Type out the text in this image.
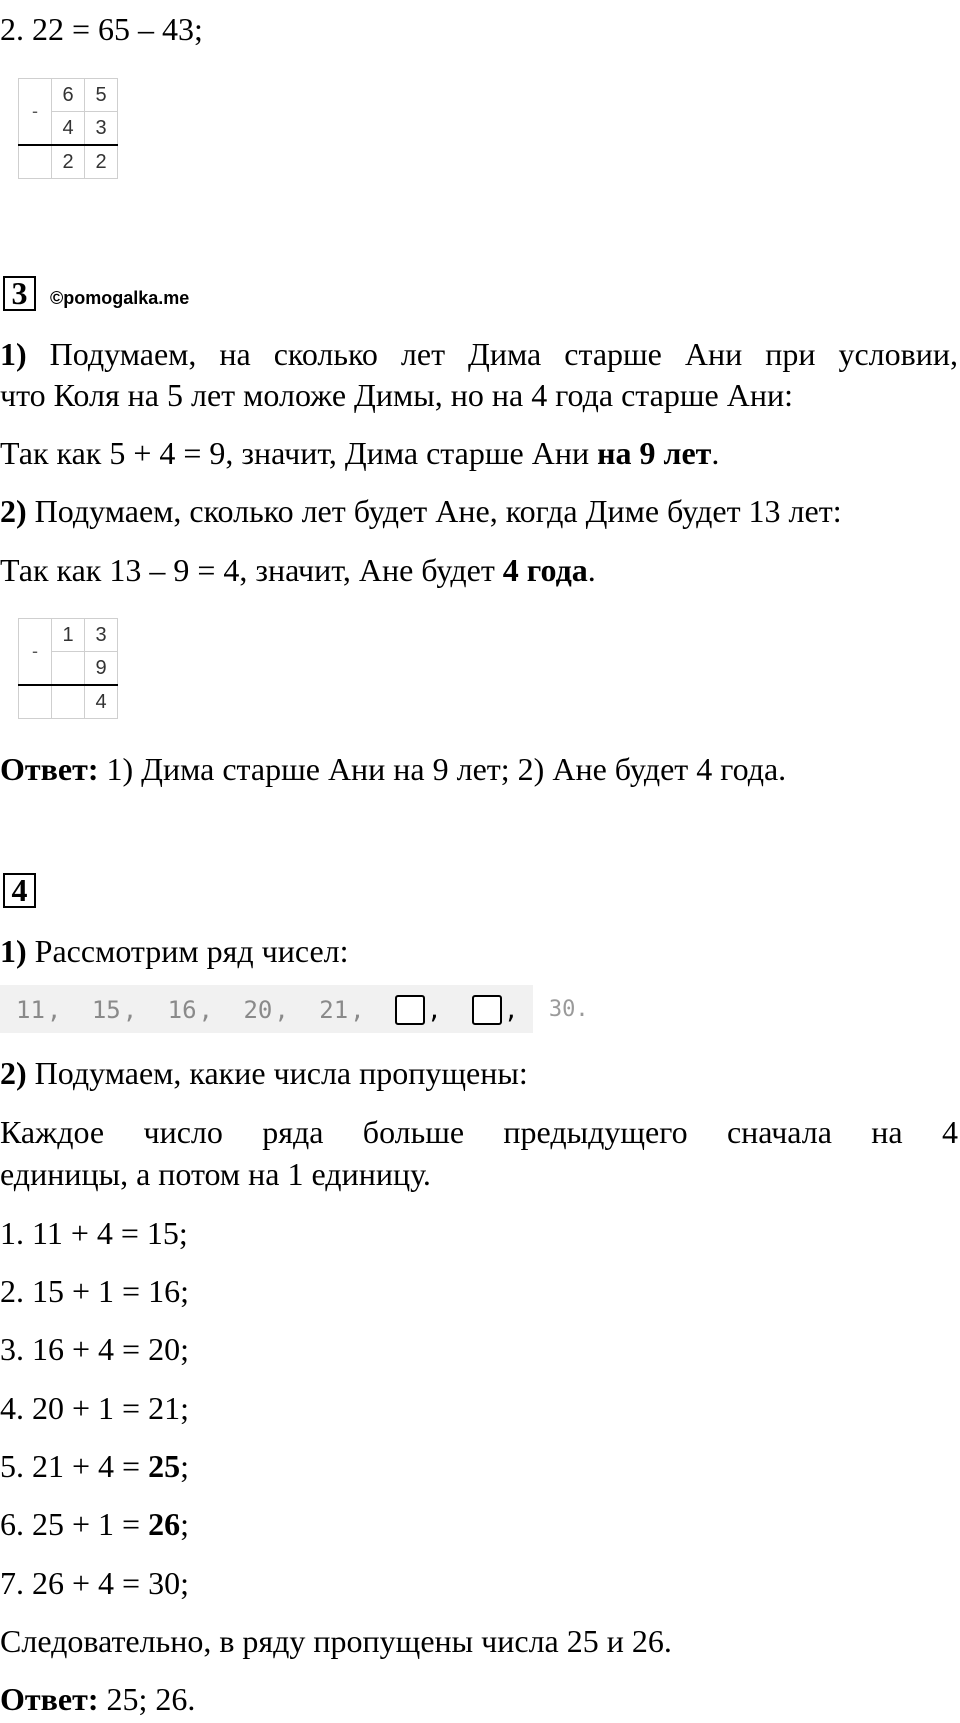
2. 22 = 65 – 43;
-	6	5
	4	3
	2	2
3	©pomogalka.me
1) Подумаем, на сколько лет Дима старше Ани при условии,
что Коля на 5 лет моложе Димы, но на 4 года старше Ани:
Так как 5 + 4 = 9, значит, Дима старше Ани на 9 лет.
2) Подумаем, сколько лет будет Ане, когда Диме будет 13 лет:
Так как 13 – 9 = 4, значит, Ане будет 4 года.
-	1	3
		9
		4
Ответ: 1) Дима старше Ани на 9 лет; 2) Ане будет 4 года.
4
1) Рассмотрим ряд чисел:
11, 15, 16, 20, 21,	,	, 30.
2) Подумаем, какие числа пропущены:
Каждое число ряда больше предыдущего сначала на 4
единицы, а потом на 1 единицу.
1. 11 + 4 = 15;
2. 15 + 1 = 16;
3. 16 + 4 = 20;
4. 20 + 1 = 21;
5. 21 + 4 = 25;
6. 25 + 1 = 26;
7. 26 + 4 = 30;
Следовательно, в ряду пропущены числа 25 и 26.
Ответ: 25; 26.
